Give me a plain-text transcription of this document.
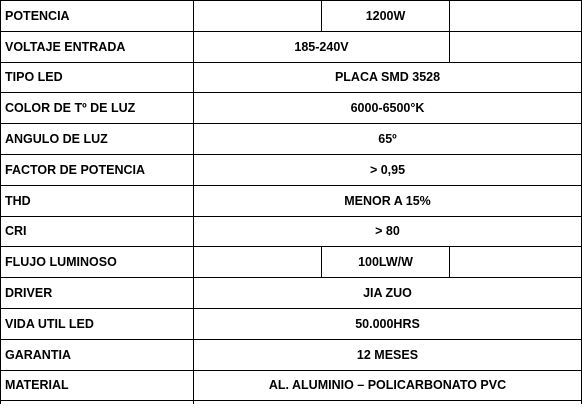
POTENCIA		1200W	
VOLTAJE ENTRADA	185-240V		
TIPO LED	PLACA SMD 3528		
COLOR DE Tº DE LUZ	6000-6500°K		
ANGULO DE LUZ	65º		
FACTOR DE POTENCIA	> 0,95		
THD	MENOR A 15%		
CRI	> 80		
FLUJO LUMINOSO		100LW/W	
DRIVER	JIA ZUO		
VIDA UTIL LED	50.000HRS		
GARANTIA	12 MESES		
MATERIAL	AL. ALUMINIO – POLICARBONATO PVC		
